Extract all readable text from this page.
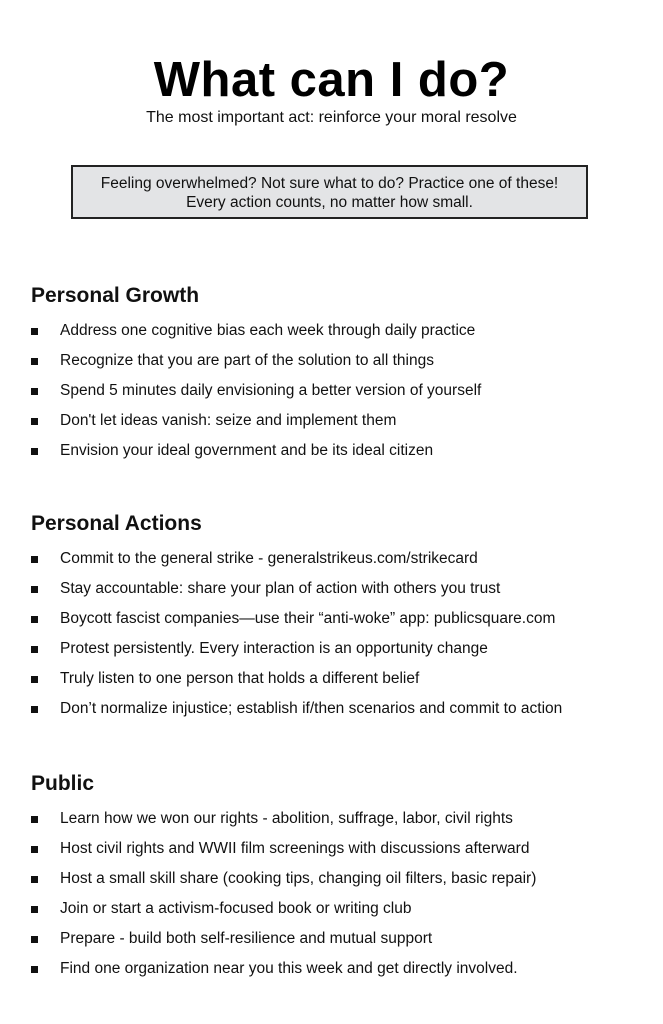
What can I do?
The most important act: reinforce your moral resolve
Feeling overwhelmed? Not sure what to do? Practice one of these!
Every action counts, no matter how small.
Personal Growth
Address one cognitive bias each week through daily practice
Recognize that you are part of the solution to all things
Spend 5 minutes daily envisioning a better version of yourself
Don't let ideas vanish: seize and implement them
Envision your ideal government and be its ideal citizen
Personal Actions
Commit to the general strike - generalstrikeus.com/strikecard
Stay accountable: share your plan of action with others you trust
Boycott fascist companies—use their “anti-woke” app: publicsquare.com
Protest persistently. Every interaction is an opportunity change
Truly listen to one person that holds a different belief
Don’t normalize injustice; establish if/then scenarios and commit to action
Public
Learn how we won our rights - abolition, suffrage, labor, civil rights
Host civil rights and WWII film screenings with discussions afterward
Host a small skill share (cooking tips, changing oil filters, basic repair)
Join or start a activism-focused book or writing club
Prepare - build both self-resilience and mutual support
Find one organization near you this week and get directly involved.
